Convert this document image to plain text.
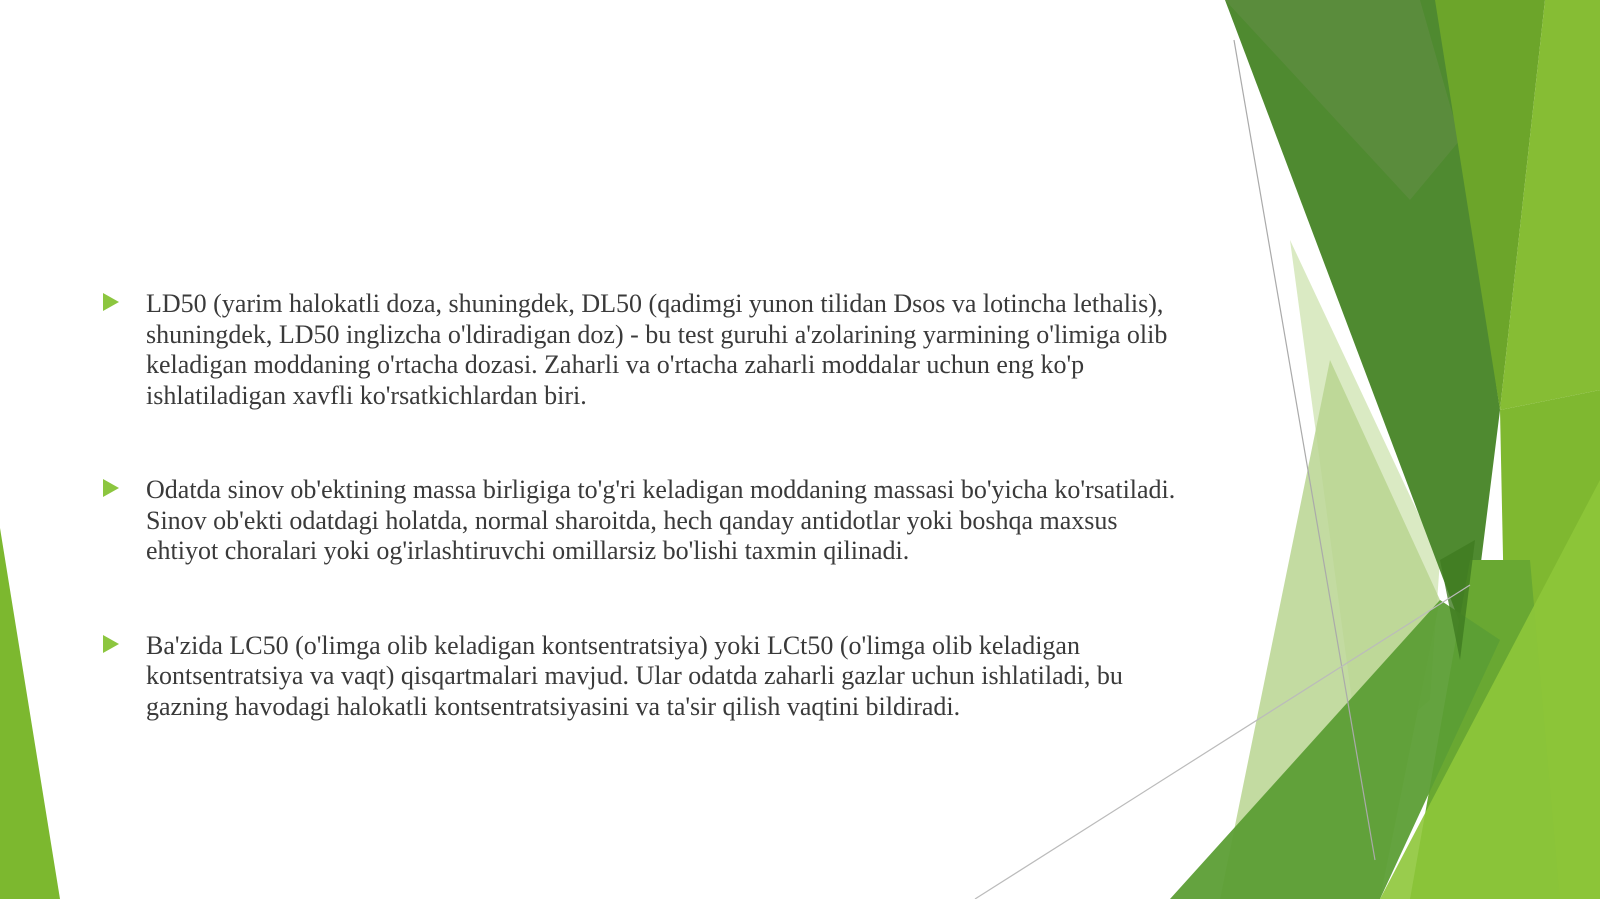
LD50 (yarim halokatli doza, shuningdek, DL50 (qadimgi yunon tilidan Dsos va lotincha lethalis), shuningdek, LD50 inglizcha o'ldiradigan doz) - bu test guruhi a'zolarining yarmining o'limiga olib keladigan moddaning o'rtacha dozasi. Zaharli va o'rtacha zaharli moddalar uchun eng ko'p ishlatiladigan xavfli ko'rsatkichlardan biri.
Odatda sinov ob'ektining massa birligiga to'g'ri keladigan moddaning massasi bo'yicha ko'rsatiladi. Sinov ob'ekti odatdagi holatda, normal sharoitda, hech qanday antidotlar yoki boshqa maxsus ehtiyot choralari yoki og'irlashtiruvchi omillarsiz bo'lishi taxmin qilinadi.
Ba'zida LC50 (o'limga olib keladigan kontsentratsiya) yoki LCt50 (o'limga olib keladigan kontsentratsiya va vaqt) qisqartmalari mavjud. Ular odatda zaharli gazlar uchun ishlatiladi, bu gazning havodagi halokatli kontsentratsiyasini va ta'sir qilish vaqtini bildiradi.
